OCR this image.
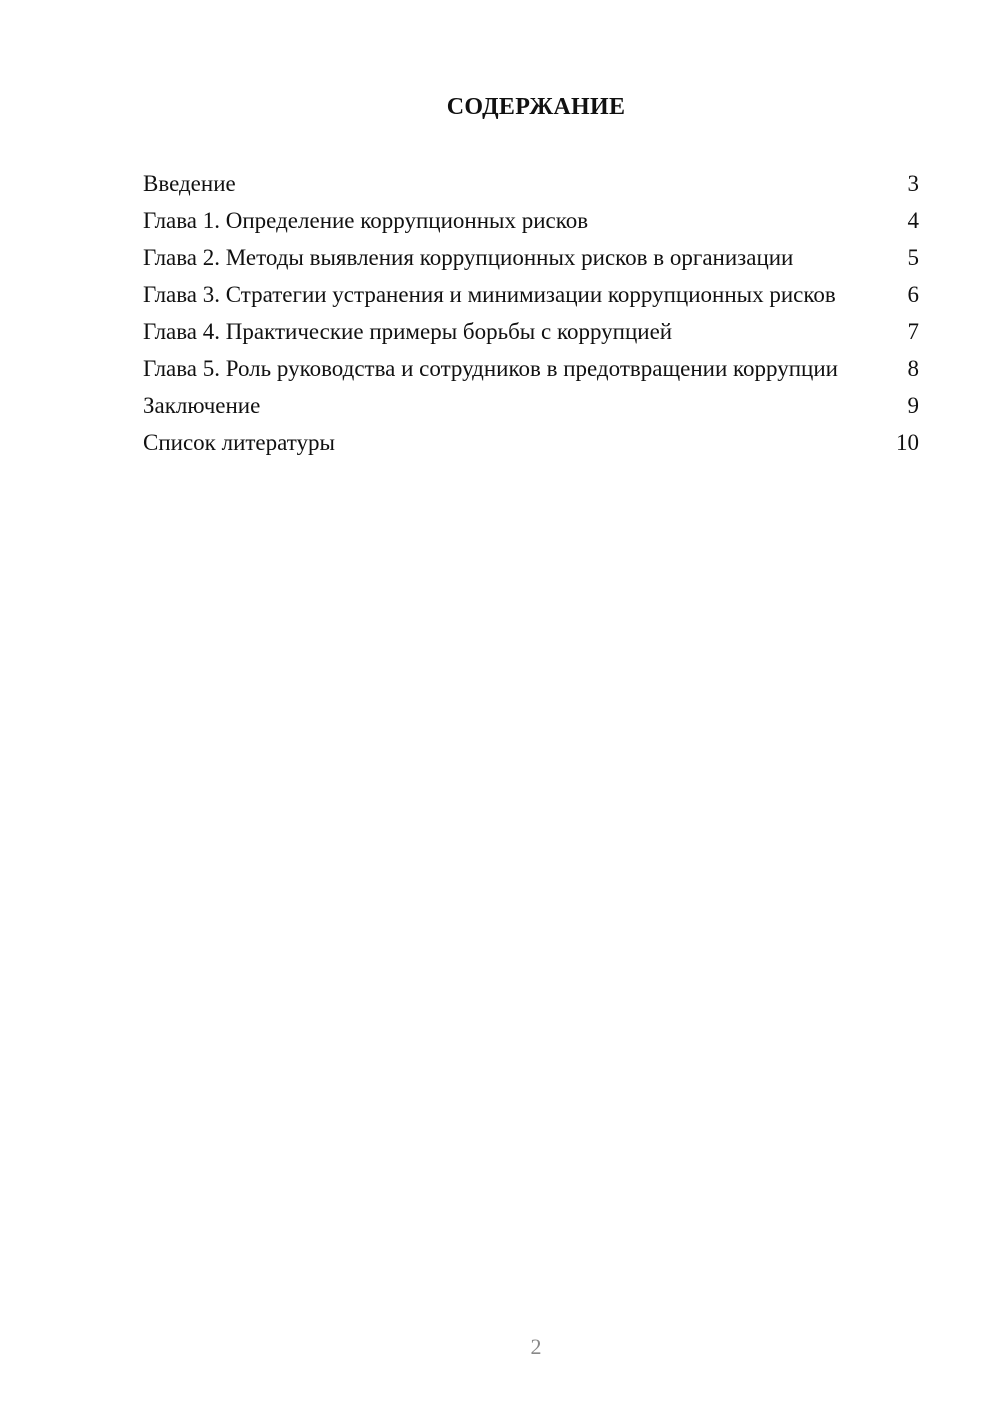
СОДЕРЖАНИЕ
Введение	3
Глава 1. Определение коррупционных рисков	4
Глава 2. Методы выявления коррупционных рисков в организации	5
Глава 3. Стратегии устранения и минимизации коррупционных рисков	6
Глава 4. Практические примеры борьбы с коррупцией	7
Глава 5. Роль руководства и сотрудников в предотвращении коррупции	8
Заключение	9
Список литературы	10
2
